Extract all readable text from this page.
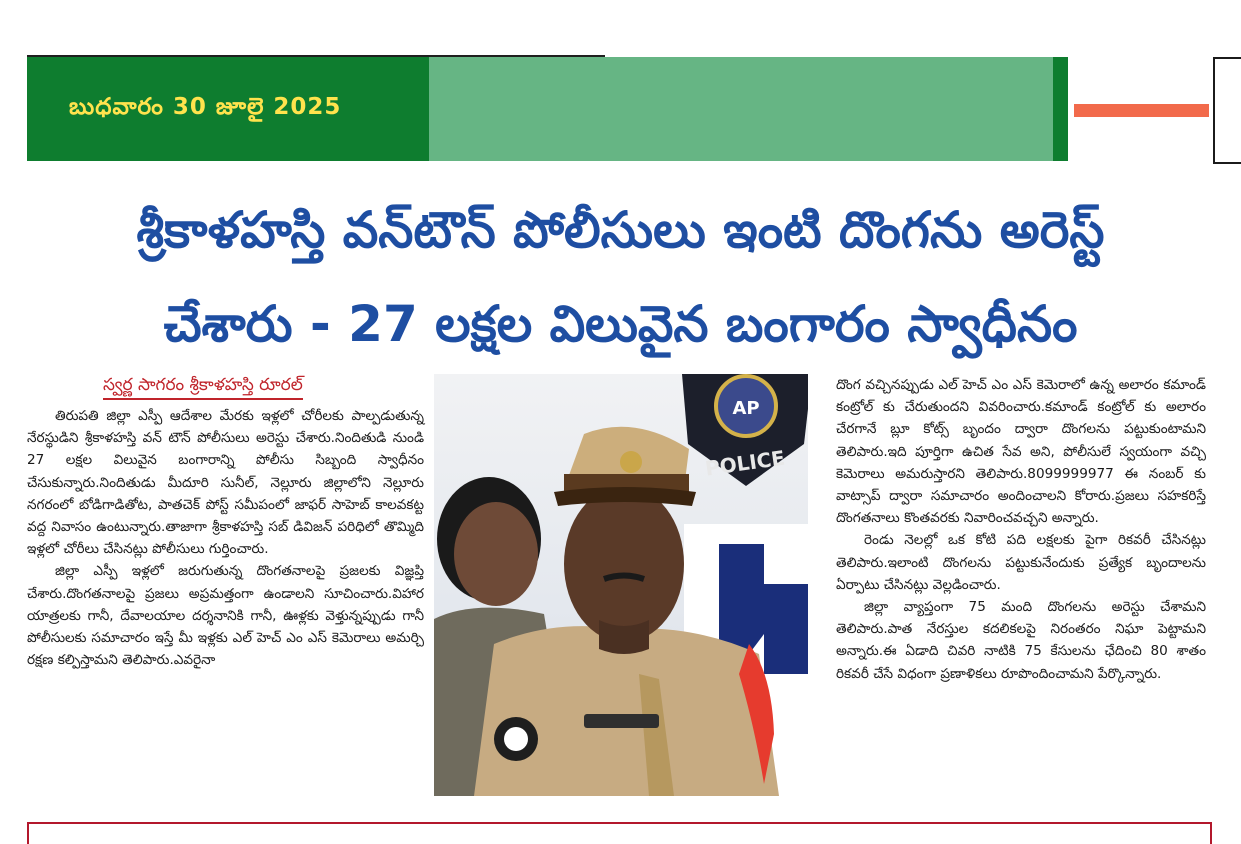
బుధవారం 30 జూలై 2025
శ్రీకాళహస్తి వన్‌టౌన్ పోలీసులు ఇంటి దొంగను అరెస్ట్
చేశారు - 27 లక్షల విలువైన బంగారం స్వాధీనం
స్వర్ణ సాగరం శ్రీకాళహస్తి రూరల్

తిరుపతి జిల్లా ఎస్పీ ఆదేశాల మేరకు ఇళ్లలో చోరీలకు పాల్పడుతున్న నేరస్థుడిని శ్రీకాళహస్తి వన్ టౌన్ పోలీసులు అరెస్టు చేశారు.నిందితుడి నుండి 27 లక్షల విలువైన బంగారాన్ని పోలీసు సిబ్బంది స్వాధీనం చేసుకున్నారు.నిందితుడు మీదూరి సునీల్, నెల్లూరు జిల్లాలోని నెల్లూరు నగరంలో బోడిగాడితోట, పాతచెక్ పోస్ట్ సమీపంలో జాఫర్ సాహెబ్ కాలవకట్ట వద్ద నివాసం ఉంటున్నారు.తాజాగా శ్రీకాళహస్తి సబ్ డివిజన్ పరిధిలో తొమ్మిది ఇళ్లలో చోరీలు చేసినట్లు పోలీసులు గుర్తించారు.

జిల్లా ఎస్పీ ఇళ్లలో జరుగుతున్న దొంగతనాలపై ప్రజలకు విజ్ఞప్తి చేశారు.దొంగతనాలపై ప్రజలు అప్రమత్తంగా ఉండాలని సూచించారు.విహార యాత్రలకు గానీ, దేవాలయాల దర్శనానికి గానీ, ఊళ్లకు వెళ్తున్నప్పుడు గానీ పోలీసులకు సమాచారం ఇస్తే మీ ఇళ్లకు ఎల్ హెచ్ ఎం ఎస్ కెమెరాలు అమర్చి రక్షణ కల్పిస్తామని తెలిపారు.ఎవరైనా

AP
POLICE

దొంగ వచ్చినప్పుడు ఎల్ హెచ్ ఎం ఎస్ కెమెరాలో ఉన్న అలారం కమాండ్ కంట్రోల్ కు చేరుతుందని వివరించారు.కమాండ్ కంట్రోల్ కు అలారం చేరగానే బ్లూ కోట్స్ బృందం ద్వారా దొంగలను పట్టుకుంటామని తెలిపారు.ఇది పూర్తిగా ఉచిత సేవ అని, పోలీసులే స్వయంగా వచ్చి కెమెరాలు అమరుస్తారని తెలిపారు.8099999977 ఈ నంబర్ కు వాట్సాప్ ద్వారా సమాచారం అందించాలని కోరారు.ప్రజలు సహకరిస్తే దొంగతనాలు కొంతవరకు నివారించవచ్చని అన్నారు.

రెండు నెలల్లో ఒక కోటి పది లక్షలకు పైగా రికవరీ చేసినట్లు తెలిపారు.ఇలాంటి దొంగలను పట్టుకునేందుకు ప్రత్యేక బృందాలను ఏర్పాటు చేసినట్లు వెల్లడించారు.

జిల్లా వ్యాప్తంగా 75 మంది దొంగలను అరెస్టు చేశామని తెలిపారు.పాత నేరస్తుల కదలికలపై నిరంతరం నిఘా పెట్టామని అన్నారు.ఈ ఏడాది చివరి నాటికి 75 కేసులను ఛేదించి 80 శాతం రికవరీ చేసే విధంగా ప్రణాళికలు రూపొందించామని పేర్కొన్నారు.
